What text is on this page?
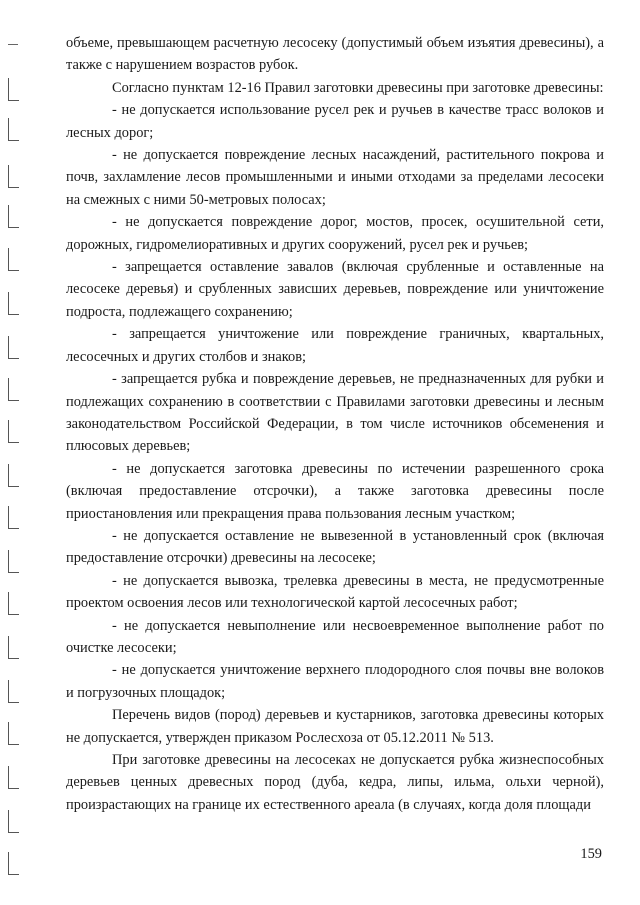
объеме, превышающем расчетную лесосеку (допустимый объем изъятия древесины), а также с нарушением возрастов рубок.

Согласно пунктам 12-16 Правил заготовки древесины при заготовке древесины:

- не допускается использование русел рек и ручьев в качестве трасс волоков и лесных дорог;

- не допускается повреждение лесных насаждений, растительного покрова и почв, захламление лесов промышленными и иными отходами за пределами лесосеки на смежных с ними 50-метровых полосах;

- не допускается повреждение дорог, мостов, просек, осушительной сети, дорожных, гидромелиоративных и других сооружений, русел рек и ручьев;

- запрещается оставление завалов (включая срубленные и оставленные на лесосеке деревья) и срубленных зависших деревьев, повреждение или уничтожение подроста, подлежащего сохранению;

- запрещается уничтожение или повреждение граничных, квартальных, лесосечных и других столбов и знаков;

- запрещается рубка и повреждение деревьев, не предназначенных для рубки и подлежащих сохранению в соответствии с Правилами заготовки древесины и лесным законодательством Российской Федерации, в том числе источников обсеменения и плюсовых деревьев;

- не допускается заготовка древесины по истечении разрешенного срока (включая предоставление отсрочки), а также заготовка древесины после приостановления или прекращения права пользования лесным участком;

- не допускается оставление не вывезенной в установленный срок (включая предоставление отсрочки) древесины на лесосеке;

- не допускается вывозка, трелевка древесины в места, не предусмотренные проектом освоения лесов или технологической картой лесосечных работ;

- не допускается невыполнение или несвоевременное выполнение работ по очистке лесосеки;

- не допускается уничтожение верхнего плодородного слоя почвы вне волоков и погрузочных площадок;

Перечень видов (пород) деревьев и кустарников, заготовка древесины которых не допускается, утвержден приказом Рослесхоза от 05.12.2011 № 513.

При заготовке древесины на лесосеках не допускается рубка жизнеспособных деревьев ценных древесных пород (дуба, кедра, липы, ильма, ольхи черной), произрастающих на границе их естественного ареала (в случаях, когда доля площади

159
